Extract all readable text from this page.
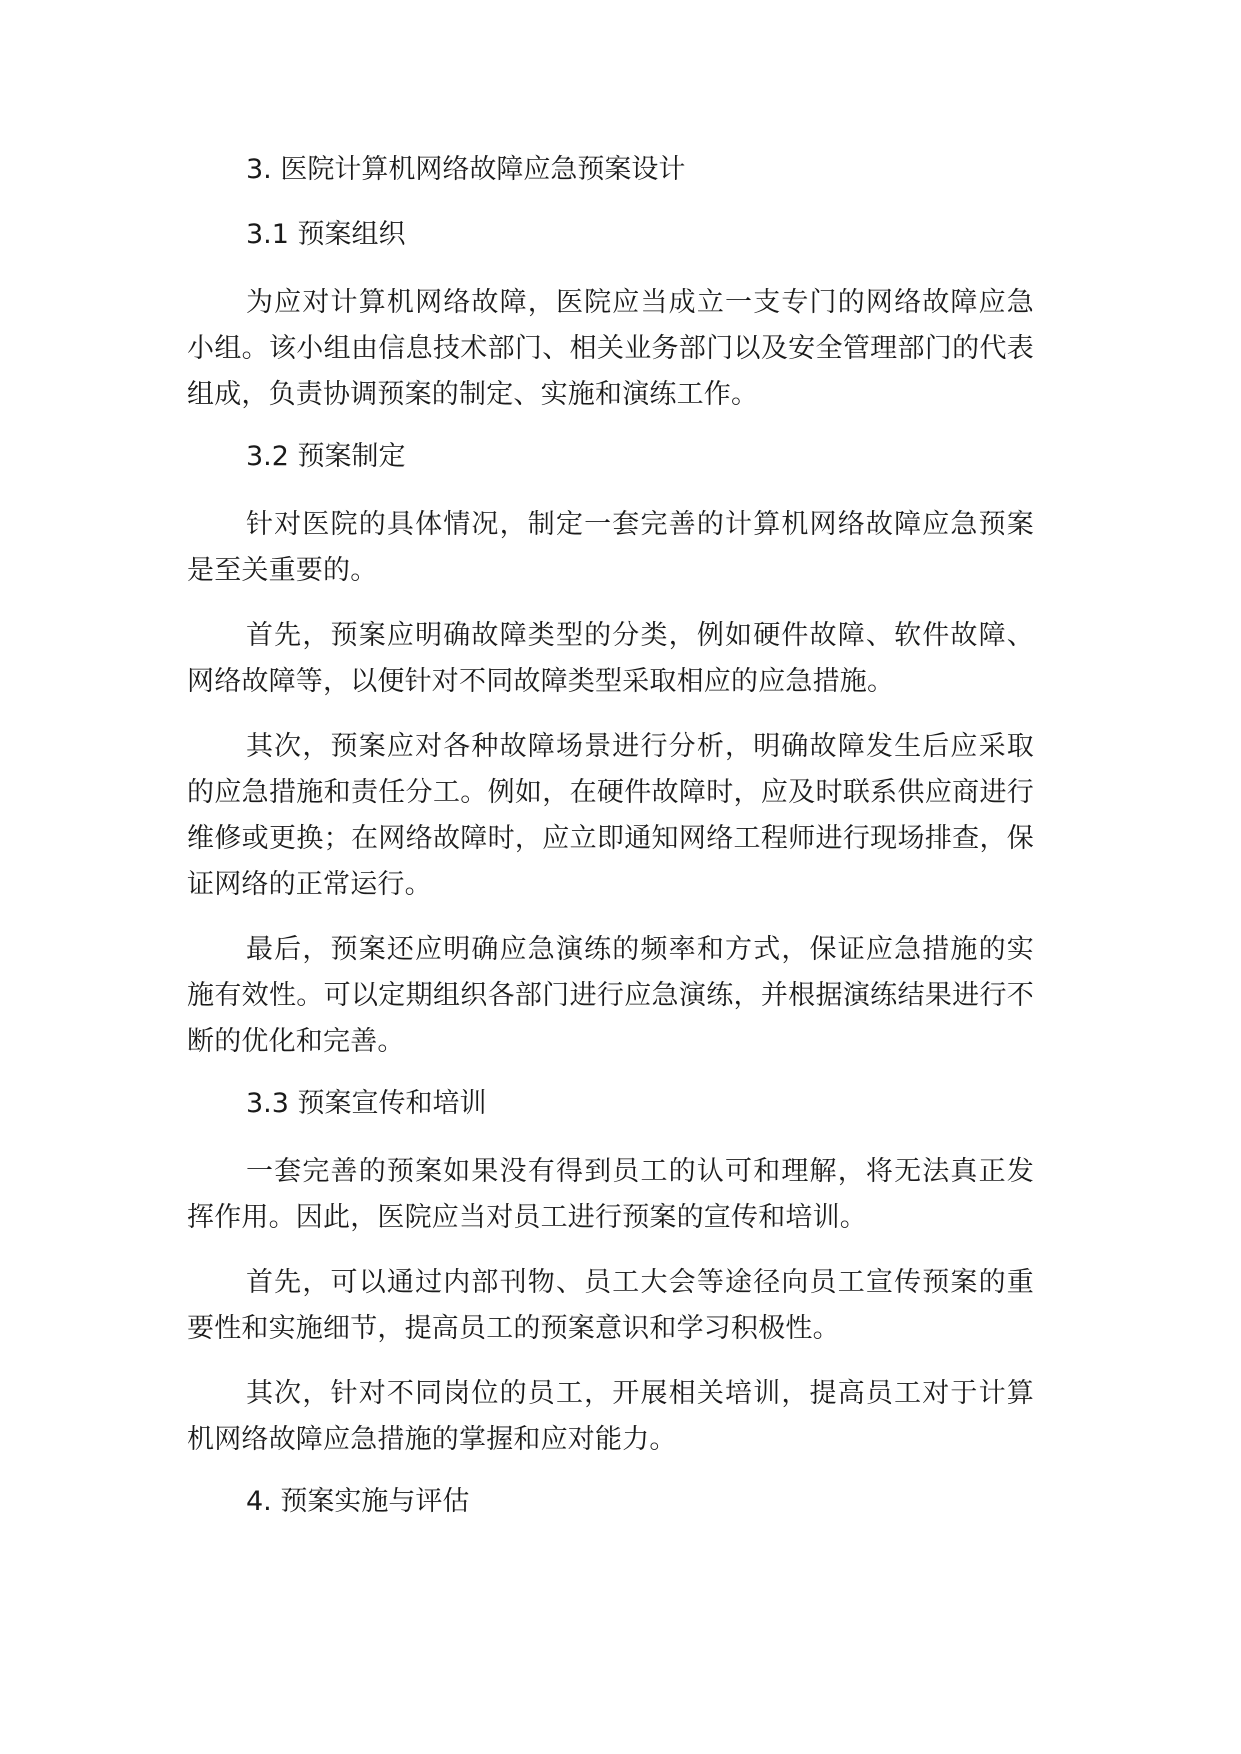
3. 医院计算机网络故障应急预案设计
3.1 预案组织

为应对计算机网络故障，医院应当成立一支专门的网络故障应急小组。该小组由信息技术部门、相关业务部门以及安全管理部门的代表组成，负责协调预案的制定、实施和演练工作。

3.2 预案制定

针对医院的具体情况，制定一套完善的计算机网络故障应急预案是至关重要的。

首先，预案应明确故障类型的分类，例如硬件故障、软件故障、网络故障等，以便针对不同故障类型采取相应的应急措施。

其次，预案应对各种故障场景进行分析，明确故障发生后应采取的应急措施和责任分工。例如，在硬件故障时，应及时联系供应商进行维修或更换；在网络故障时，应立即通知网络工程师进行现场排查，保证网络的正常运行。

最后，预案还应明确应急演练的频率和方式，保证应急措施的实施有效性。可以定期组织各部门进行应急演练，并根据演练结果进行不断的优化和完善。

3.3 预案宣传和培训

一套完善的预案如果没有得到员工的认可和理解，将无法真正发挥作用。因此，医院应当对员工进行预案的宣传和培训。

首先，可以通过内部刊物、员工大会等途径向员工宣传预案的重要性和实施细节，提高员工的预案意识和学习积极性。

其次，针对不同岗位的员工，开展相关培训，提高员工对于计算机网络故障应急措施的掌握和应对能力。

4. 预案实施与评估
